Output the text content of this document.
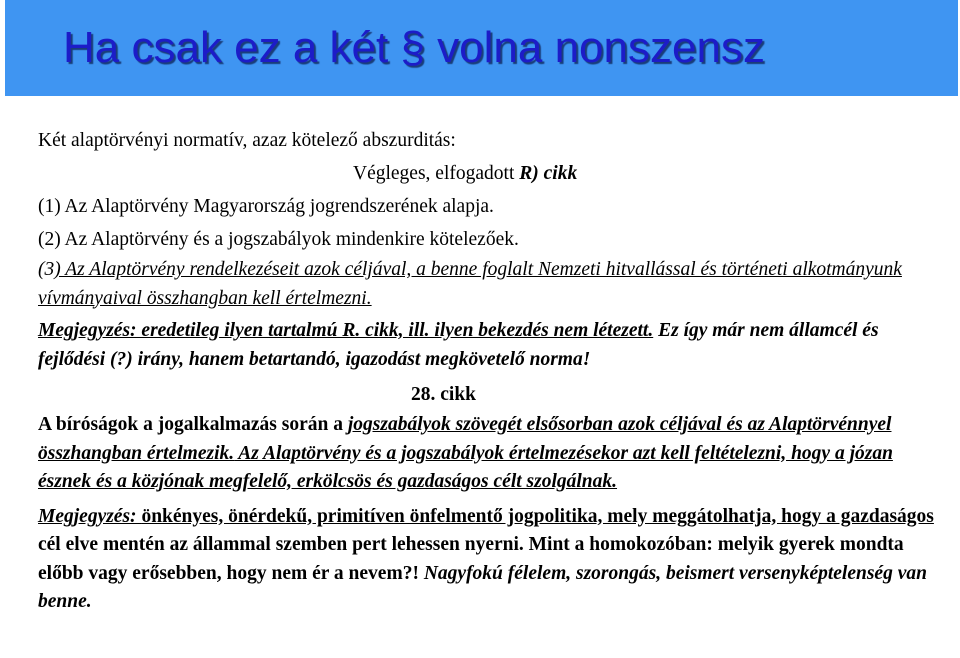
Ha csak ez a két § volna nonszensz
Két alaptörvényi normatív, azaz kötelező abszurditás:
Végleges, elfogadott R) cikk
(1) Az Alaptörvény Magyarország jogrendszerének alapja.
(2) Az Alaptörvény és a jogszabályok mindenkire kötelezőek.
(3) Az Alaptörvény rendelkezéseit azok céljával, a benne foglalt Nemzeti hitvallással és történeti alkotmányunk vívmányaival összhangban kell értelmezni.
Megjegyzés: eredetileg ilyen tartalmú R. cikk, ill. ilyen bekezdés nem létezett. Ez így már nem államcél és fejlődési (?) irány, hanem betartandó, igazodást megkövetelő norma!
28. cikk
A bíróságok a jogalkalmazás során a jogszabályok szövegét elsősorban azok céljával és az Alaptörvénnyel összhangban értelmezik. Az Alaptörvény és a jogszabályok értelmezésekor azt kell feltételezni, hogy a józan észnek és a közjónak megfelelő, erkölcsös és gazdaságos célt szolgálnak.
Megjegyzés: önkényes, önérdekű, primitíven önfelmentő jogpolitika, mely meggátolhatja, hogy a gazdaságos cél elve mentén az állammal szemben pert lehessen nyerni. Mint a homokozóban: melyik gyerek mondta előbb vagy erősebben, hogy nem ér a nevem?! Nagyfokú félelem, szorongás, beismert versenyképtelenség van benne.
